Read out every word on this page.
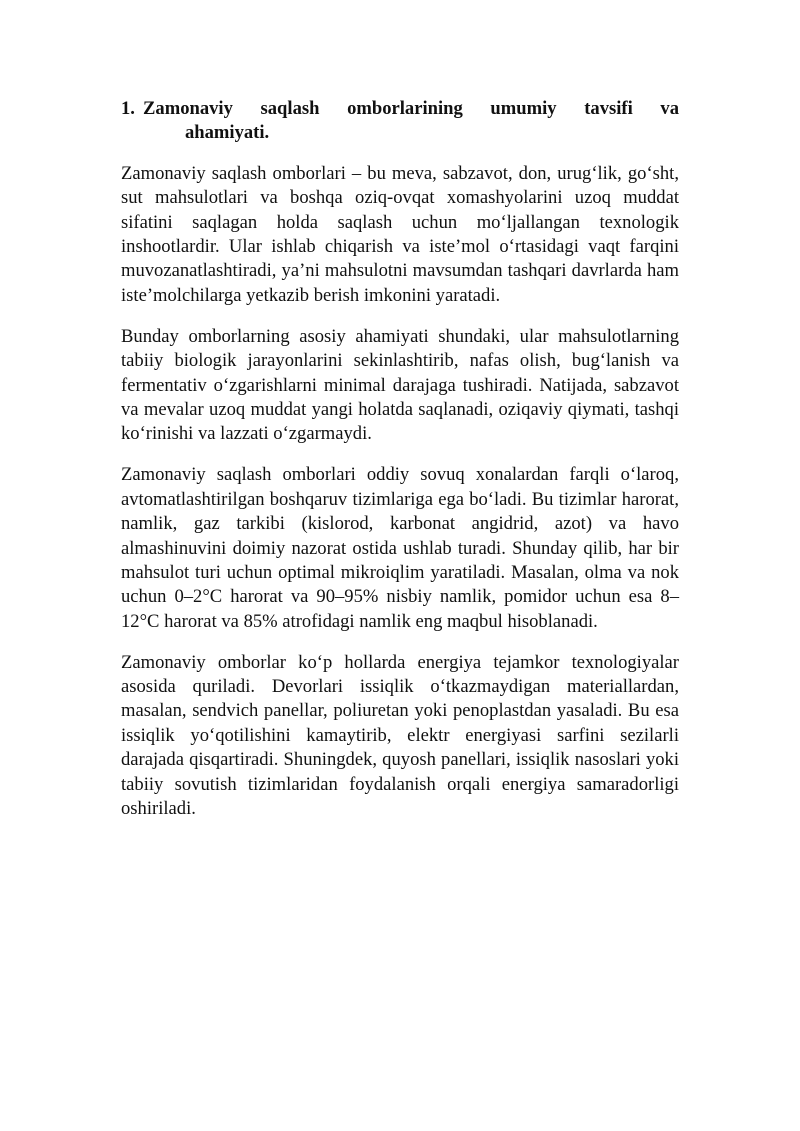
1. Zamonaviy saqlash omborlarining umumiy tavsifi va
ahamiyati.

Zamonaviy saqlash omborlari – bu meva, sabzavot, don, urug‘lik, go‘sht, sut mahsulotlari va boshqa oziq-ovqat xomashyolarini uzoq muddat sifatini saqlagan holda saqlash uchun mo‘ljallangan texnologik inshootlardir. Ular ishlab chiqarish va iste’mol o‘rtasidagi vaqt farqini muvozanatlashtiradi, ya’ni mahsulotni mavsumdan tashqari davrlarda ham iste’molchilarga yetkazib berish imkonini yaratadi.

Bunday omborlarning asosiy ahamiyati shundaki, ular mahsulotlarning tabiiy biologik jarayonlarini sekinlashtirib, nafas olish, bug‘lanish va fermentativ o‘zgarishlarni minimal darajaga tushiradi. Natijada, sabzavot va mevalar uzoq muddat yangi holatda saqlanadi, oziqaviy qiymati, tashqi ko‘rinishi va lazzati o‘zgarmaydi.

Zamonaviy saqlash omborlari oddiy sovuq xonalardan farqli o‘laroq, avtomatlashtirilgan boshqaruv tizimlariga ega bo‘ladi. Bu tizimlar harorat, namlik, gaz tarkibi (kislorod, karbonat angidrid, azot) va havo almashinuvini doimiy nazorat ostida ushlab turadi. Shunday qilib, har bir mahsulot turi uchun optimal mikroiqlim yaratiladi. Masalan, olma va nok uchun 0–2°C harorat va 90–95% nisbiy namlik, pomidor uchun esa 8–12°C harorat va 85% atrofidagi namlik eng maqbul hisoblanadi.

Zamonaviy omborlar ko‘p hollarda energiya tejamkor texnologiyalar asosida quriladi. Devorlari issiqlik o‘tkazmaydigan materiallardan, masalan, sendvich panellar, poliuretan yoki penoplastdan yasaladi. Bu esa issiqlik yo‘qotilishini kamaytirib, elektr energiyasi sarfini sezilarli darajada qisqartiradi. Shuningdek, quyosh panellari, issiqlik nasoslari yoki tabiiy sovutish tizimlaridan foydalanish orqali energiya samaradorligi oshiriladi.
